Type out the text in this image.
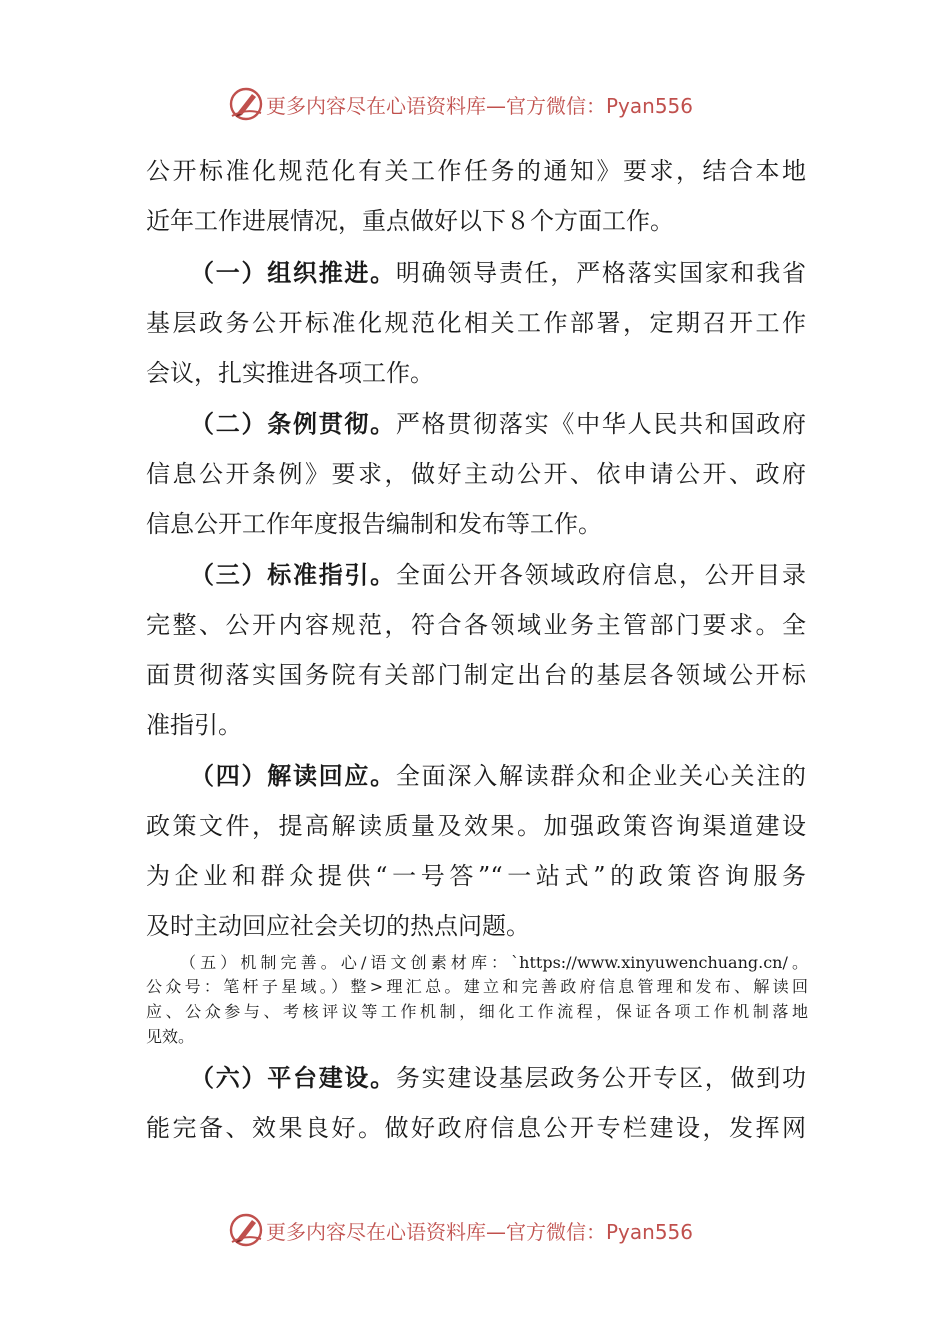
更多内容尽在心语资料库—官方微信：Pyan556
公开标准化规范化有关工作任务的通知》要求，结合本地
近年工作进展情况，重点做好以下８个方面工作。
（一）组织推进。明确领导责任，严格落实国家和我省
基层政务公开标准化规范化相关工作部署，定期召开工作
会议，扎实推进各项工作。
（二）条例贯彻。严格贯彻落实《中华人民共和国政府
信息公开条例》要求，做好主动公开、依申请公开、政府
信息公开工作年度报告编制和发布等工作。
（三）标准指引。全面公开各领域政府信息，公开目录
完整、公开内容规范，符合各领域业务主管部门要求。全
面贯彻落实国务院有关部门制定出台的基层各领域公开标
准指引。
（四）解读回应。全面深入解读群众和企业关心关注的
政策文件，提高解读质量及效果。加强政策咨询渠道建设
为企业和群众提供“一号答”“一站式”的政策咨询服务
及时主动回应社会关切的热点问题。
（五）机制完善。心/语文创素材库：`https://www.xinyuwenchuang.cn/。
公众号：笔杆子星域。）整>理汇总。建立和完善政府信息管理和发布、解读回
应、公众参与、考核评议等工作机制，细化工作流程，保证各项工作机制落地
见效。
（六）平台建设。务实建设基层政务公开专区，做到功
能完备、效果良好。做好政府信息公开专栏建设，发挥网
更多内容尽在心语资料库—官方微信：Pyan556
